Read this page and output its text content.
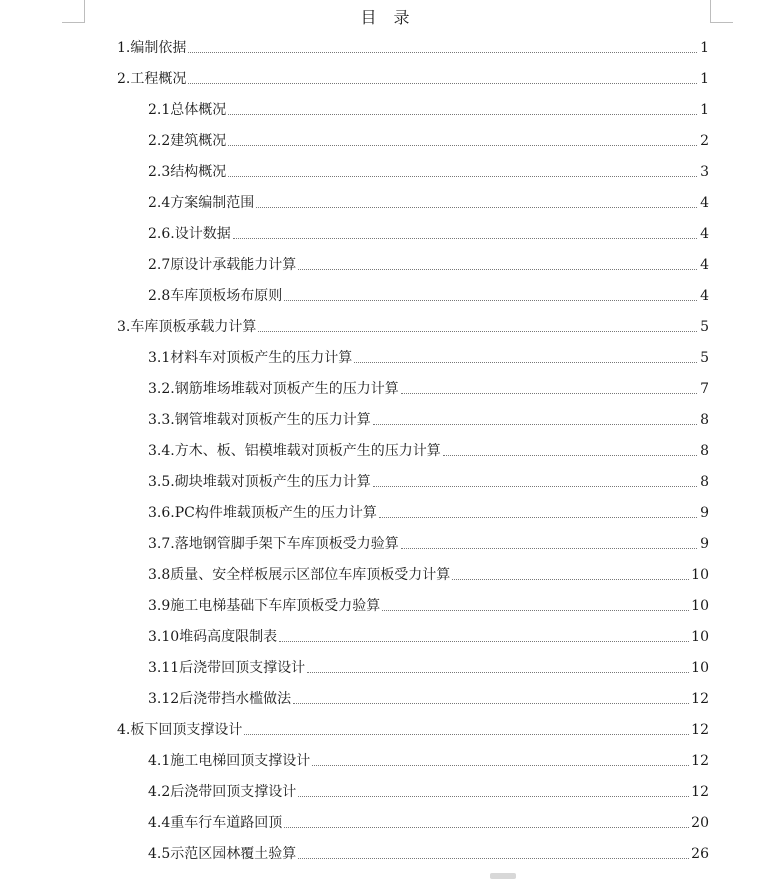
目 录
1.编制依据	1
2.工程概况	1
2.1总体概况	1
2.2建筑概况	2
2.3结构概况	3
2.4方案编制范围	4
2.6.设计数据	4
2.7原设计承载能力计算	4
2.8车库顶板场布原则	4
3.车库顶板承载力计算	5
3.1材料车对顶板产生的压力计算	5
3.2.钢筋堆场堆载对顶板产生的压力计算	7
3.3.钢管堆载对顶板产生的压力计算	8
3.4.方木、板、铝模堆载对顶板产生的压力计算	8
3.5.砌块堆载对顶板产生的压力计算	8
3.6.PC构件堆载顶板产生的压力计算	9
3.7.落地钢管脚手架下车库顶板受力验算	9
3.8质量、安全样板展示区部位车库顶板受力计算	10
3.9施工电梯基础下车库顶板受力验算	10
3.10堆码高度限制表	10
3.11后浇带回顶支撑设计	10
3.12后浇带挡水槛做法	12
4.板下回顶支撑设计	12
4.1施工电梯回顶支撑设计	12
4.2后浇带回顶支撑设计	12
4.4重车行车道路回顶	20
4.5示范区园林覆土验算	26
